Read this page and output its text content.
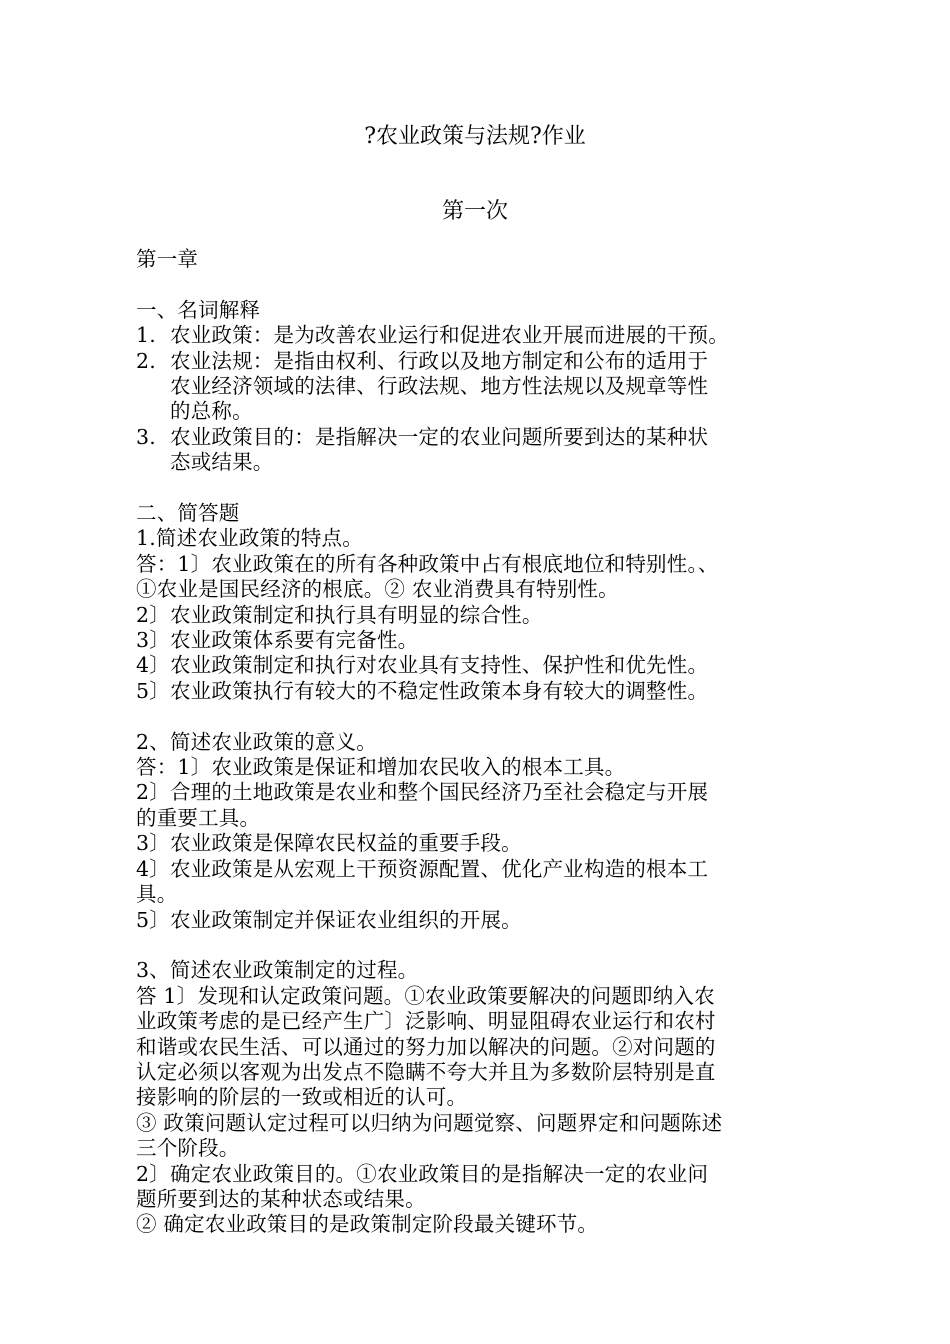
?农业政策与法规?作业
第一次
第一章
一、名词解释
1. 农业政策：是为改善农业运行和促进农业开展而进展的干预。
2. 农业法规：是指由权利、行政以及地方制定和公布的适用于
农业经济领域的法律、行政法规、地方性法规以及规章等性
的总称。
3. 农业政策目的：是指解决一定的农业问题所要到达的某种状
态或结果。
二、简答题
1.简述农业政策的特点。
答：1〕农业政策在的所有各种政策中占有根底地位和特别性。、
①农业是国民经济的根底。② 农业消费具有特别性。
2〕农业政策制定和执行具有明显的综合性。
3〕农业政策体系要有完备性。
4〕农业政策制定和执行对农业具有支持性、保护性和优先性。
5〕农业政策执行有较大的不稳定性政策本身有较大的调整性。
2、简述农业政策的意义。
答：1〕农业政策是保证和增加农民收入的根本工具。
2〕合理的土地政策是农业和整个国民经济乃至社会稳定与开展
的重要工具。
3〕农业政策是保障农民权益的重要手段。
4〕农业政策是从宏观上干预资源配置、优化产业构造的根本工
具。
5〕农业政策制定并保证农业组织的开展。
3、简述农业政策制定的过程。
答 1〕发现和认定政策问题。①农业政策要解决的问题即纳入农
业政策考虑的是已经产生广〕泛影响、明显阻碍农业运行和农村
和谐或农民生活、可以通过的努力加以解决的问题。②对问题的
认定必须以客观为出发点不隐瞒不夸大并且为多数阶层特别是直
接影响的阶层的一致或相近的认可。
③ 政策问题认定过程可以归纳为问题觉察、问题界定和问题陈述
三个阶段。
2〕确定农业政策目的。①农业政策目的是指解决一定的农业问
题所要到达的某种状态或结果。
② 确定农业政策目的是政策制定阶段最关键环节。
